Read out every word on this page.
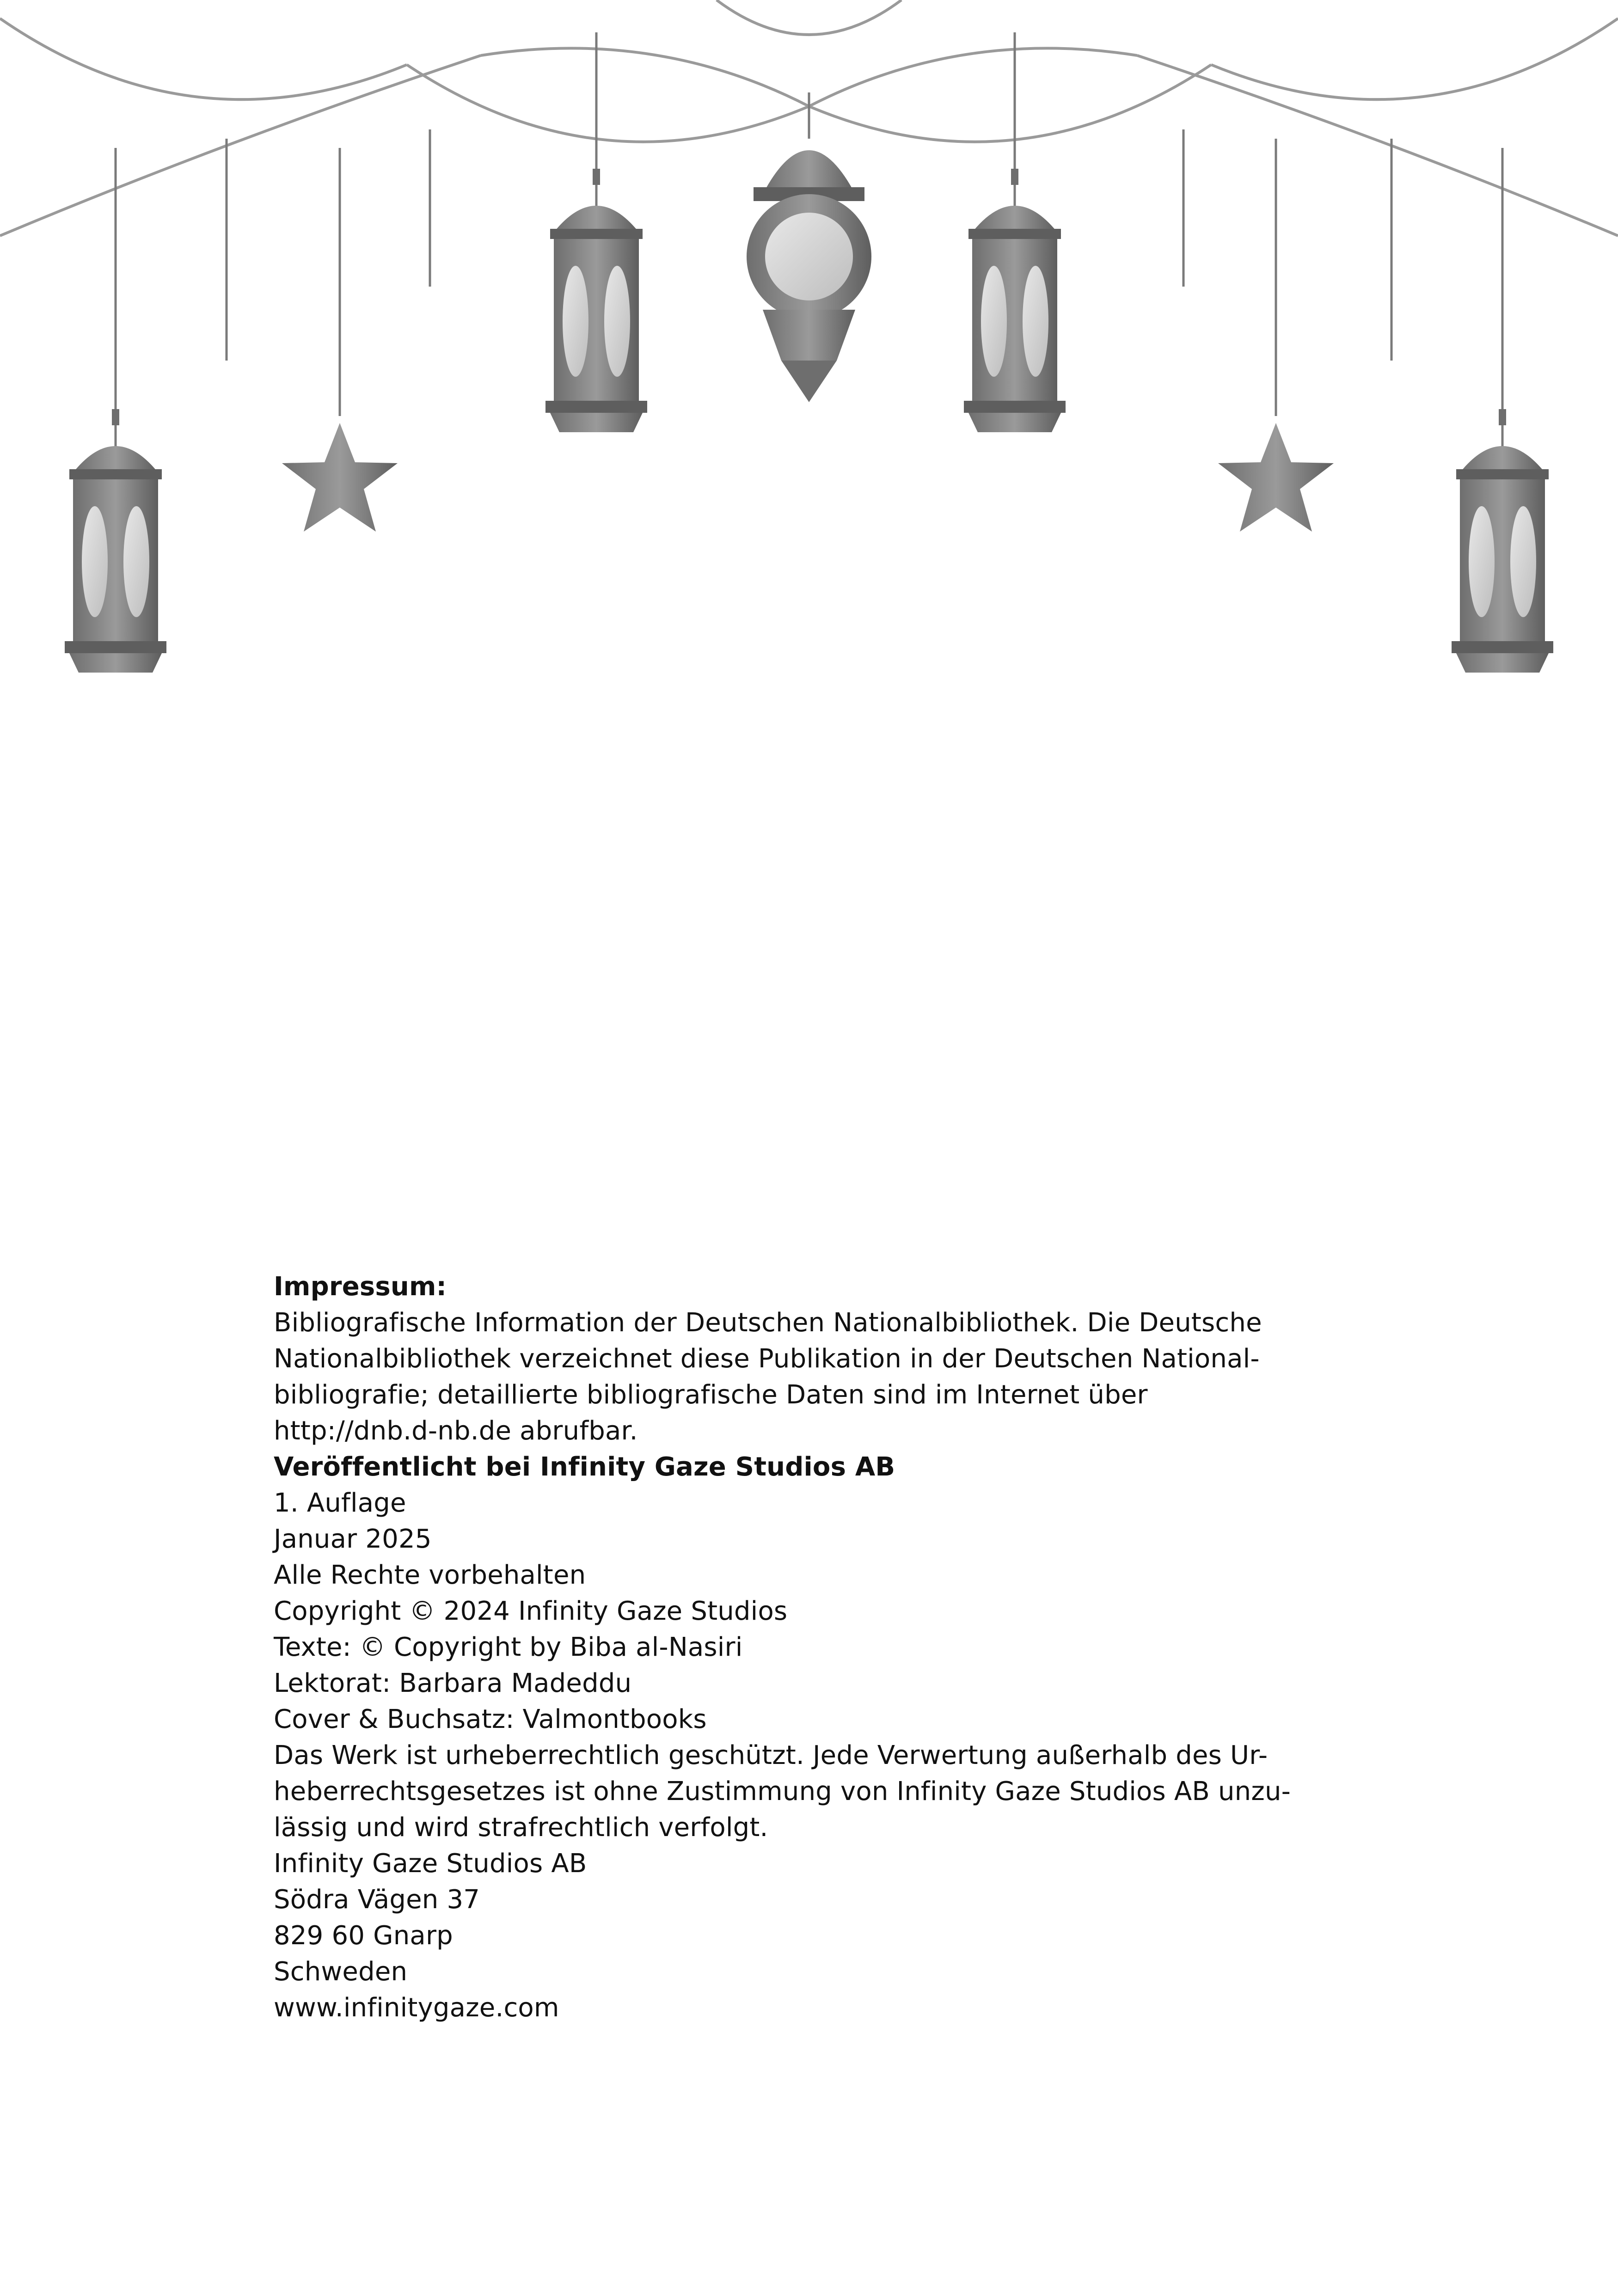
Impressum:
Bibliografische Information der Deutschen Nationalbibliothek. Die Deutsche
Nationalbibliothek verzeichnet diese Publikation in der Deutschen National-
bibliografie; detaillierte bibliografische Daten sind im Internet über
http://dnb.d-nb.de abrufbar.
Veröffentlicht bei Infinity Gaze Studios AB
1. Auflage
Januar 2025
Alle Rechte vorbehalten
Copyright © 2024 Infinity Gaze Studios
Texte: © Copyright by Biba al-Nasiri
Lektorat: Barbara Madeddu
Cover & Buchsatz: Valmontbooks
Das Werk ist urheberrechtlich geschützt. Jede Verwertung außerhalb des Ur-
heberrechtsgesetzes ist ohne Zustimmung von Infinity Gaze Studios AB unzu-
lässig und wird strafrechtlich verfolgt.
Infinity Gaze Studios AB
Södra Vägen 37
829 60 Gnarp
Schweden
www.infinitygaze.com
